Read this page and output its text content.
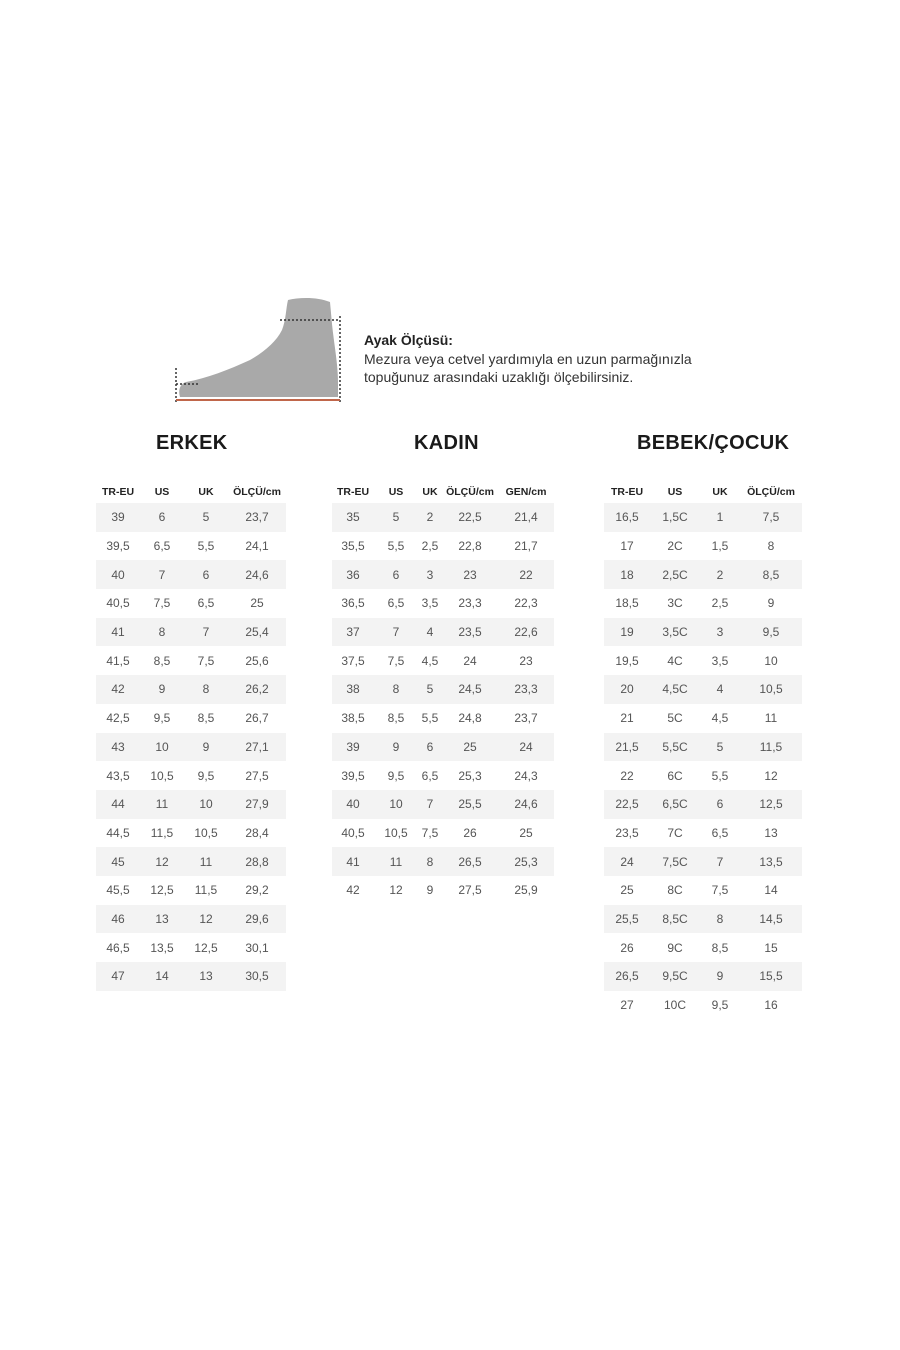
Ayak Ölçüsü:
Mezura veya cetvel yardımıyla en uzun parmağınızla
topuğunuz arasındaki uzaklığı ölçebilirsiniz.
ERKEK
TR-EU	US	UK	ÖLÇÜ/cm
39	6	5	23,7
39,5	6,5	5,5	24,1
40	7	6	24,6
40,5	7,5	6,5	25
41	8	7	25,4
41,5	8,5	7,5	25,6
42	9	8	26,2
42,5	9,5	8,5	26,7
43	10	9	27,1
43,5	10,5	9,5	27,5
44	11	10	27,9
44,5	11,5	10,5	28,4
45	12	11	28,8
45,5	12,5	11,5	29,2
46	13	12	29,6
46,5	13,5	12,5	30,1
47	14	13	30,5
KADIN
TR-EU	US	UK	ÖLÇÜ/cm	GEN/cm
35	5	2	22,5	21,4
35,5	5,5	2,5	22,8	21,7
36	6	3	23	22
36,5	6,5	3,5	23,3	22,3
37	7	4	23,5	22,6
37,5	7,5	4,5	24	23
38	8	5	24,5	23,3
38,5	8,5	5,5	24,8	23,7
39	9	6	25	24
39,5	9,5	6,5	25,3	24,3
40	10	7	25,5	24,6
40,5	10,5	7,5	26	25
41	11	8	26,5	25,3
42	12	9	27,5	25,9
BEBEK/ÇOCUK
TR-EU	US	UK	ÖLÇÜ/cm
16,5	1,5C	1	7,5
17	2C	1,5	8
18	2,5C	2	8,5
18,5	3C	2,5	9
19	3,5C	3	9,5
19,5	4C	3,5	10
20	4,5C	4	10,5
21	5C	4,5	11
21,5	5,5C	5	11,5
22	6C	5,5	12
22,5	6,5C	6	12,5
23,5	7C	6,5	13
24	7,5C	7	13,5
25	8C	7,5	14
25,5	8,5C	8	14,5
26	9C	8,5	15
26,5	9,5C	9	15,5
27	10C	9,5	16
